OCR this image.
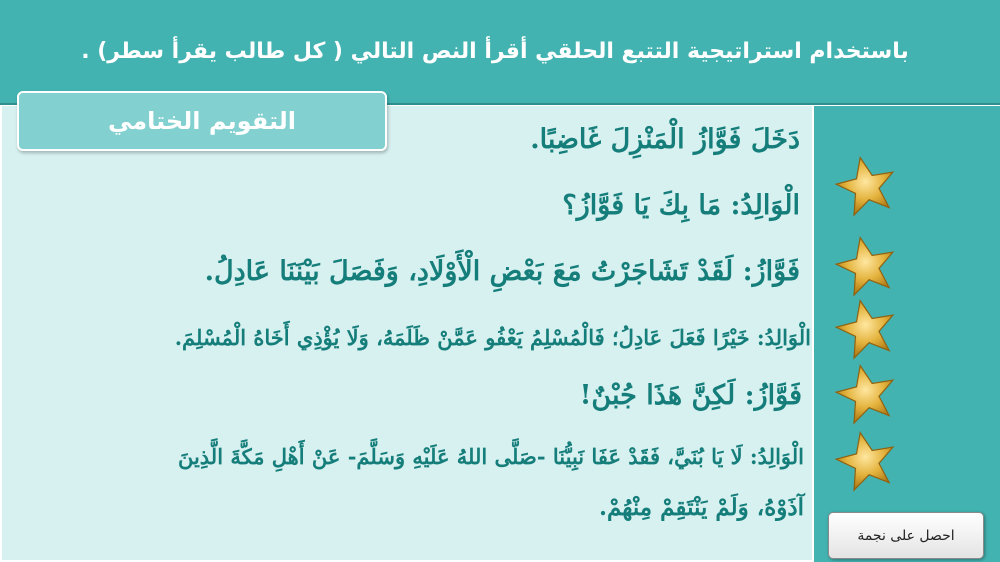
باستخدام استراتيجية التتبع الحلقي أقرأ النص التالي ( كل طالب يقرأ سطر) .
التقويم الختامي
دَخَلَ فَوَّازُ الْمَنْزِلَ غَاضِبًا.
الْوَالِدُ: مَا بِكَ يَا فَوَّازُ؟
فَوَّازُ: لَقَدْ تَشَاجَرْتُ مَعَ بَعْضِ الْأَوْلَادِ، وَفَصَلَ بَيْنَنَا عَادِلُ.
الْوَالِدُ: خَيْرًا فَعَلَ عَادِلُ؛ فَالْمُسْلِمُ يَعْفُو عَمَّنْ ظَلَمَهُ، وَلَا يُؤْذِي أَخَاهُ الْمُسْلِمَ.
فَوَّازُ: لَكِنَّ هَذَا جُبْنٌ!
الْوَالِدُ: لَا يَا بُنَيَّ، فَقَدْ عَفَا نَبِيُّنَا -صَلَّى اللهُ عَلَيْهِ وَسَلَّمَ- عَنْ أَهْلِ مَكَّةَ الَّذِينَ
آذَوْهُ، وَلَمْ يَنْتَقِمْ مِنْهُمْ.
احصل على نجمة
